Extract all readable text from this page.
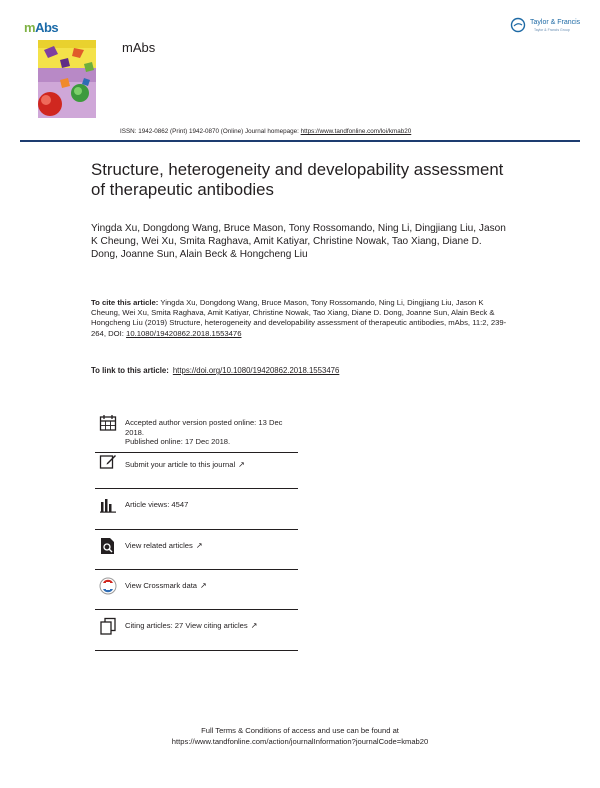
mAbs
mAbs
Taylor & Francis
Taylor & Francis Group
ISSN: 1942-0862 (Print) 1942-0870 (Online) Journal homepage: https://www.tandfonline.com/loi/kmab20
Structure, heterogeneity and developability assessment of therapeutic antibodies
Yingda Xu, Dongdong Wang, Bruce Mason, Tony Rossomando, Ning Li, Dingjiang Liu, Jason K Cheung, Wei Xu, Smita Raghava, Amit Katiyar, Christine Nowak, Tao Xiang, Diane D. Dong, Joanne Sun, Alain Beck & Hongcheng Liu
To cite this article: Yingda Xu, Dongdong Wang, Bruce Mason, Tony Rossomando, Ning Li, Dingjiang Liu, Jason K Cheung, Wei Xu, Smita Raghava, Amit Katiyar, Christine Nowak, Tao Xiang, Diane D. Dong, Joanne Sun, Alain Beck & Hongcheng Liu (2019) Structure, heterogeneity and developability assessment of therapeutic antibodies, mAbs, 11:2, 239-264, DOI: 10.1080/19420862.2018.1553476
To link to this article: https://doi.org/10.1080/19420862.2018.1553476
Accepted author version posted online: 13 Dec 2018.
Published online: 17 Dec 2018.
Submit your article to this journal ↗
Article views: 4547
View related articles ↗
View Crossmark data ↗
Citing articles: 27 View citing articles ↗
Full Terms & Conditions of access and use can be found at
https://www.tandfonline.com/action/journalInformation?journalCode=kmab20
